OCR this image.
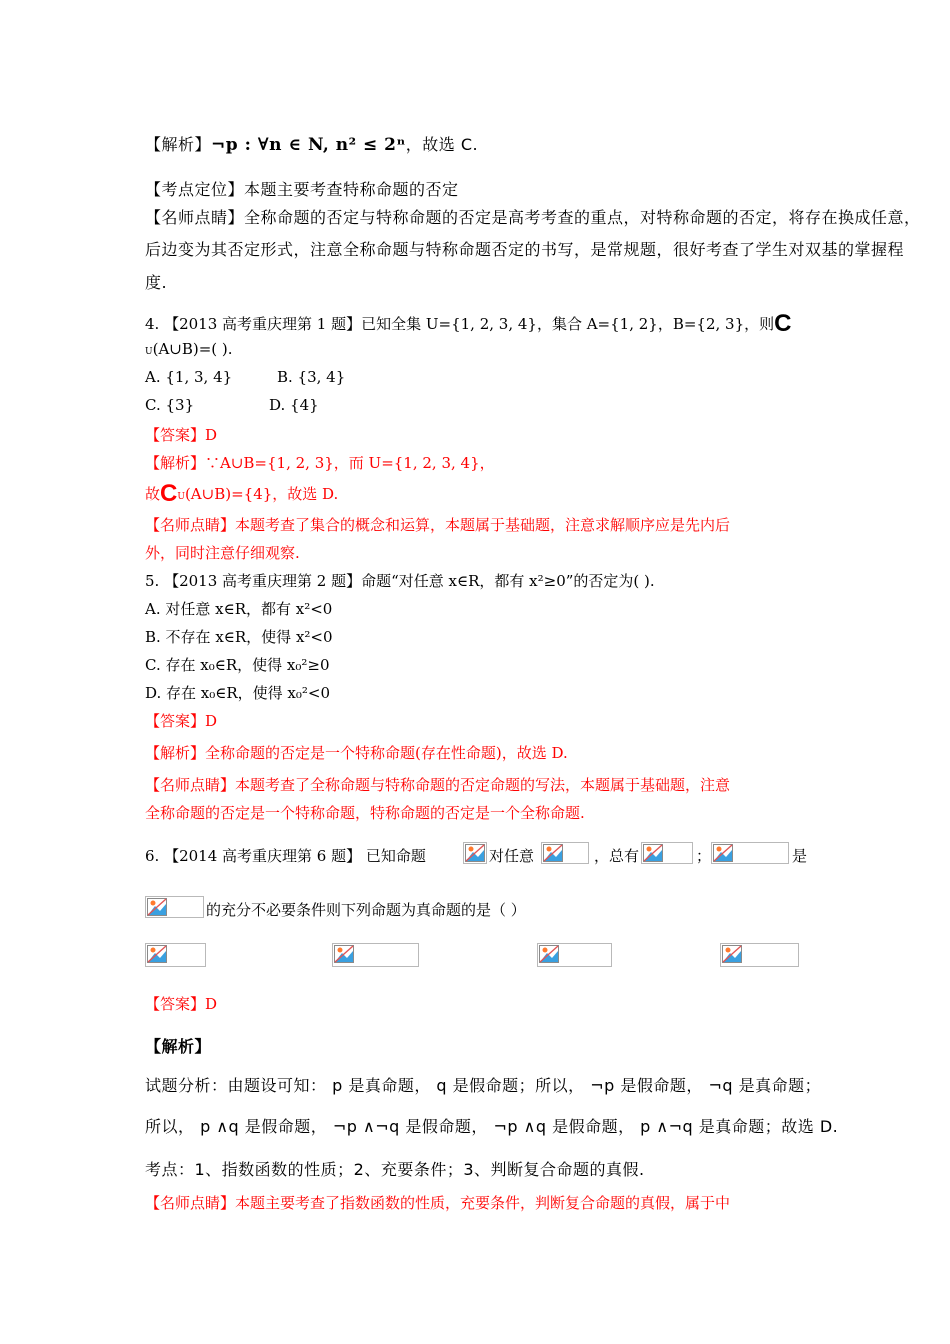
【解析】¬p : ∀n ∈ N, n² ≤ 2ⁿ，故选 C.
【考点定位】本题主要考查特称命题的否定
【名师点睛】全称命题的否定与特称命题的否定是高考考查的重点，对特称命题的否定，将存在换成任意，
后边变为其否定形式，注意全称命题与特称命题否定的书写，是常规题，很好考查了学生对双基的掌握程
度.
4. 【2013 高考重庆理第 1 题】已知全集 U={1, 2, 3, 4}，集合 A={1, 2}，B={2, 3}，则C
U(A∪B)=( ).
A. {1, 3, 4}	B. {3, 4}
C. {3}	D. {4}
【答案】D
【解析】∵A∪B={1, 2, 3}，而 U={1, 2, 3, 4}，
故CU(A∪B)={4}，故选 D.
【名师点睛】本题考查了集合的概念和运算，本题属于基础题，注意求解顺序应是先内后
外，同时注意仔细观察.
5. 【2013 高考重庆理第 2 题】命题“对任意 x∈R，都有 x²≥0”的否定为( ).
A. 对任意 x∈R，都有 x²<0
B. 不存在 x∈R，使得 x²<0
C. 存在 x₀∈R，使得 x₀²≥0
D. 存在 x₀∈R，使得 x₀²<0
【答案】D
【解析】全称命题的否定是一个特称命题(存在性命题)，故选 D.
【名师点睛】本题考查了全称命题与特称命题的否定命题的写法，本题属于基础题，注意
全称命题的否定是一个特称命题，特称命题的否定是一个全称命题.
6. 【2014 高考重庆理第 6 题】 已知命题	对任意	，总有	；	是
的充分不必要条件则下列命题为真命题的是（ ）
【答案】D
【解析】
试题分析：由题设可知： p 是真命题， q 是假命题；所以， ¬p 是假命题， ¬q 是真命题；
所以， p ∧q 是假命题， ¬p ∧¬q 是假命题， ¬p ∧q 是假命题， p ∧¬q 是真命题；故选 D.
考点：1、指数函数的性质；2、充要条件；3、判断复合命题的真假.
【名师点睛】本题主要考查了指数函数的性质，充要条件，判断复合命题的真假，属于中
